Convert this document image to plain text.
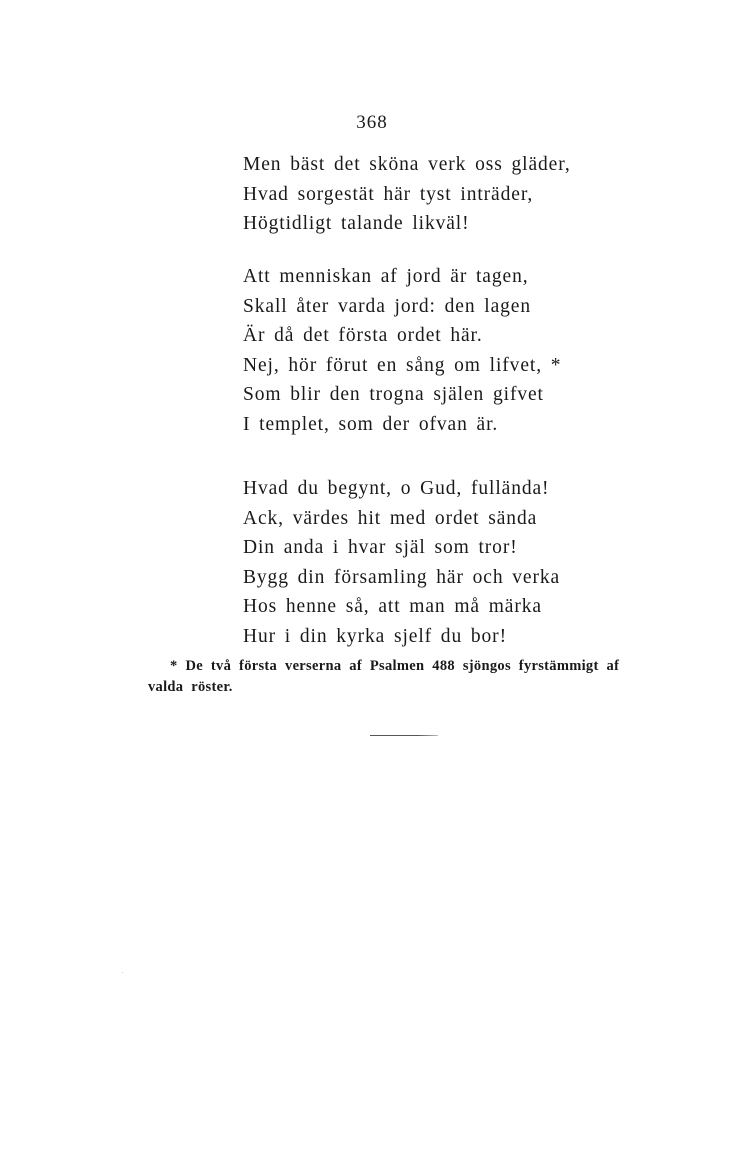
368
Men bäst det sköna verk oss gläder,
Hvad sorgestät här tyst inträder,
Högtidligt talande likväl!
Att menniskan af jord är tagen,
Skall åter varda jord: den lagen
Är då det första ordet här.
Nej, hör förut en sång om lifvet, *
Som blir den trogna själen gifvet
I templet, som der ofvan är.
Hvad du begynt, o Gud, fullända!
Ack, värdes hit med ordet sända
Din anda i hvar själ som tror!
Bygg din församling här och verka
Hos henne så, att man må märka
Hur i din kyrka sjelf du bor!
* De två första verserna af Psalmen 488 sjöngos fyrstämmigt af
valda röster.
